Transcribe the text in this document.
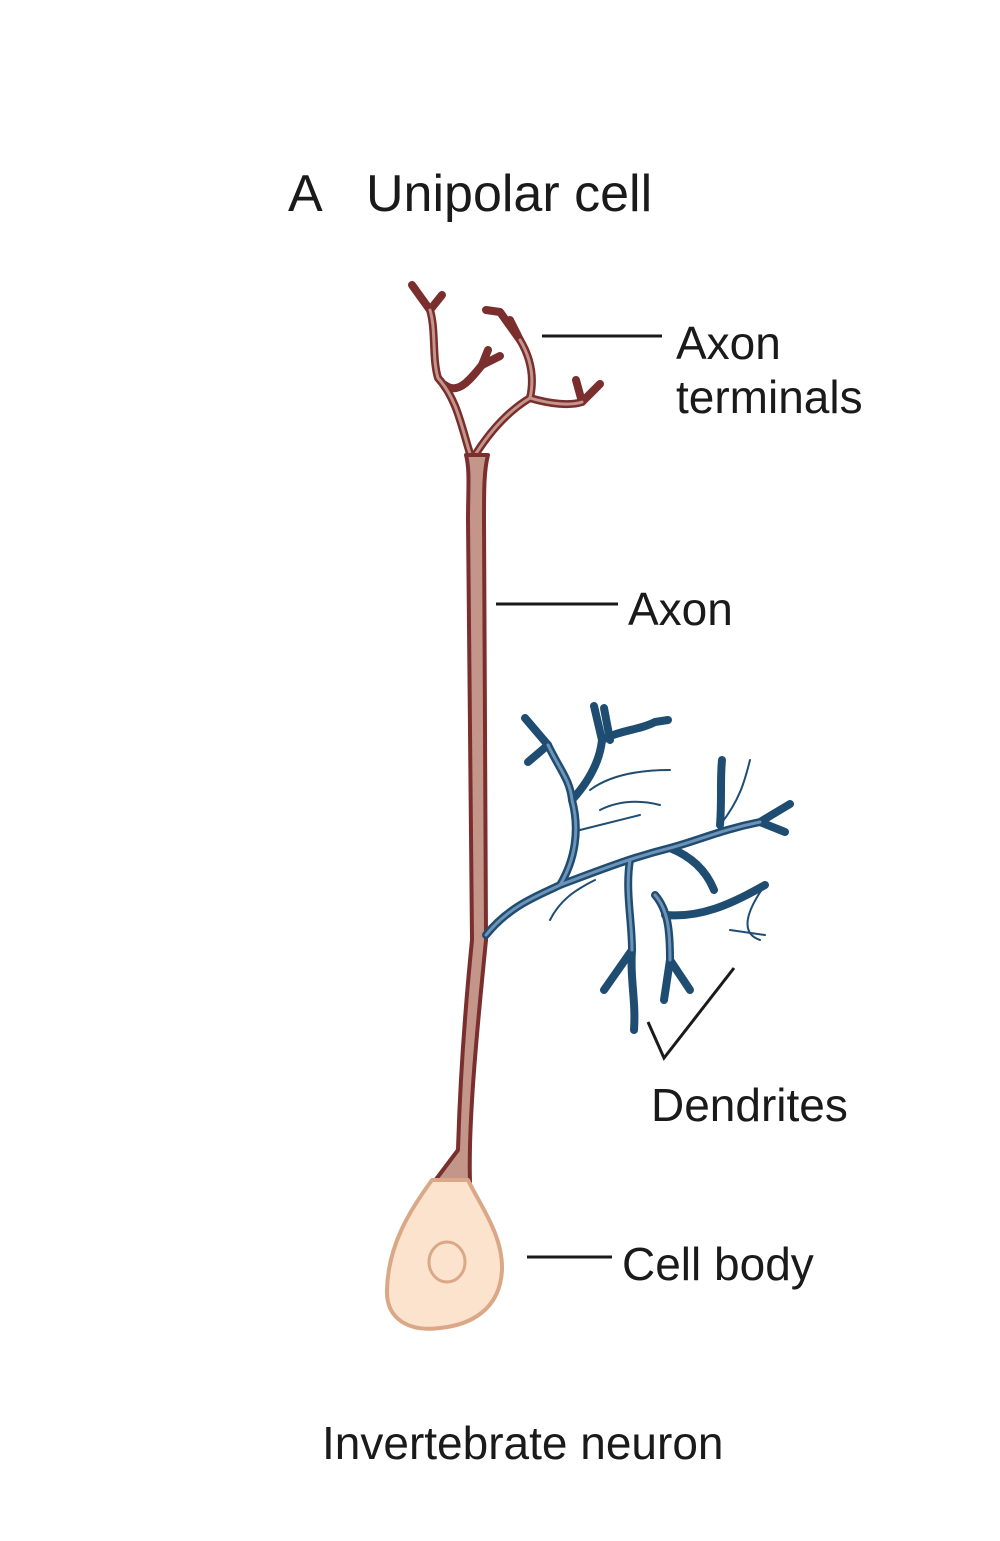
A Unipolar cell
Axon
terminals
Axon
Dendrites
Cell body
Invertebrate neuron
